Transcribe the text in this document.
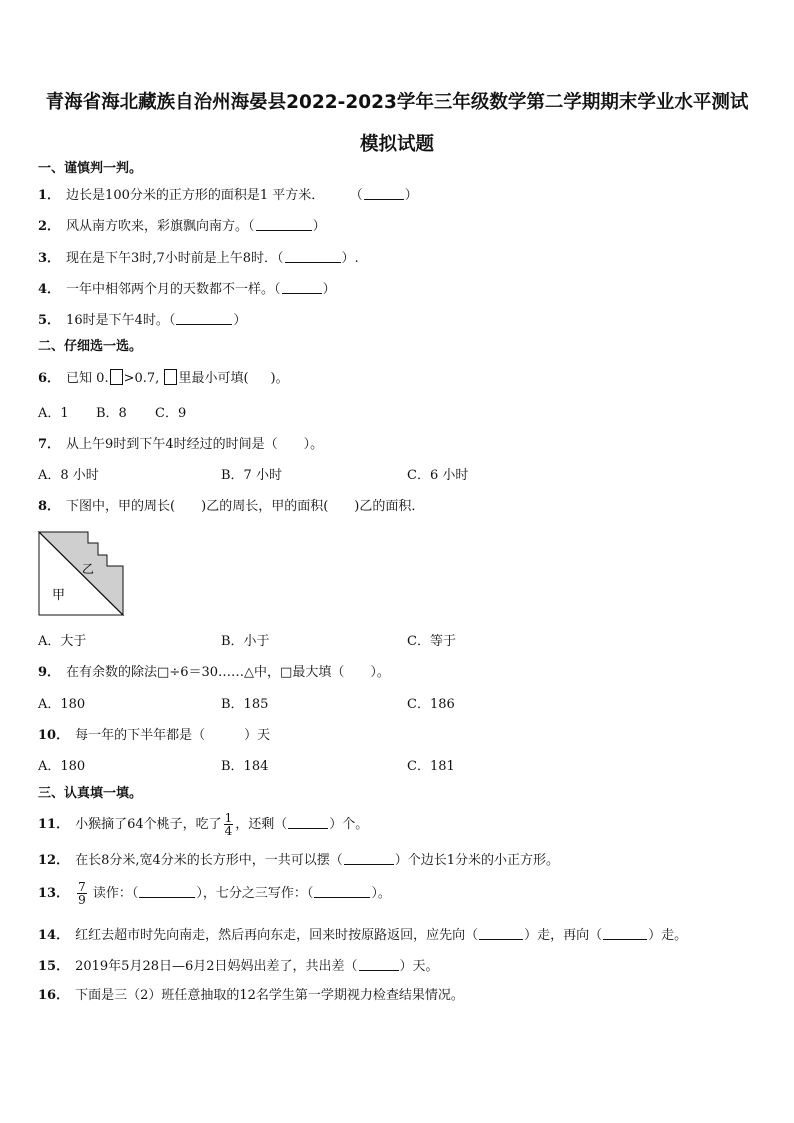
青海省海北藏族自治州海晏县2022-2023学年三年级数学第二学期期末学业水平测试
模拟试题
一、谨慎判一判。
1． 边长是100分米的正方形的面积是1 平方米． （	）
2． 风从南方吹来，彩旗飘向南方。（	）
3． 现在是下午3时,7小时前是上午8时．（	）.
4． 一年中相邻两个月的天数都不一样。（	）
5． 16时是下午4时。（	）
二、仔细选一选。
6． 已知 0. >0.7, 里最小可填( )。
A．1 B．8 C．9
7． 从上午9时到下午4时经过的时间是（　　）。
A．8 小时	B．7 小时	C．6 小时
8． 下图中，甲的周长(　　)乙的周长，甲的面积(　　)乙的面积．
甲
乙
A．大于	B．小于	C．等于
9． 在有余数的除法□÷6＝30……△中，□最大填（　　）。
A．180	B．185	C．186
10． 每一年的下半年都是（　　　）天
A．180	B．184	C．181
三、认真填一填。
11． 小猴摘了64个桃子，吃了 $\frac{1}{4}$ ，还剩（	）个。
12． 在长8分米,宽4分米的长方形中，一共可以摆（	）个边长1分米的小正方形。
13． $\frac{7}{9}$ 读作：（	），七分之三写作：（	）。
14． 红红去超市时先向南走，然后再向东走，回来时按原路返回，应先向（	）走，再向（	）走。
15． 2019年5月28日—6月2日妈妈出差了，共出差（	）天。
16． 下面是三（2）班任意抽取的12名学生第一学期视力检查结果情况。
